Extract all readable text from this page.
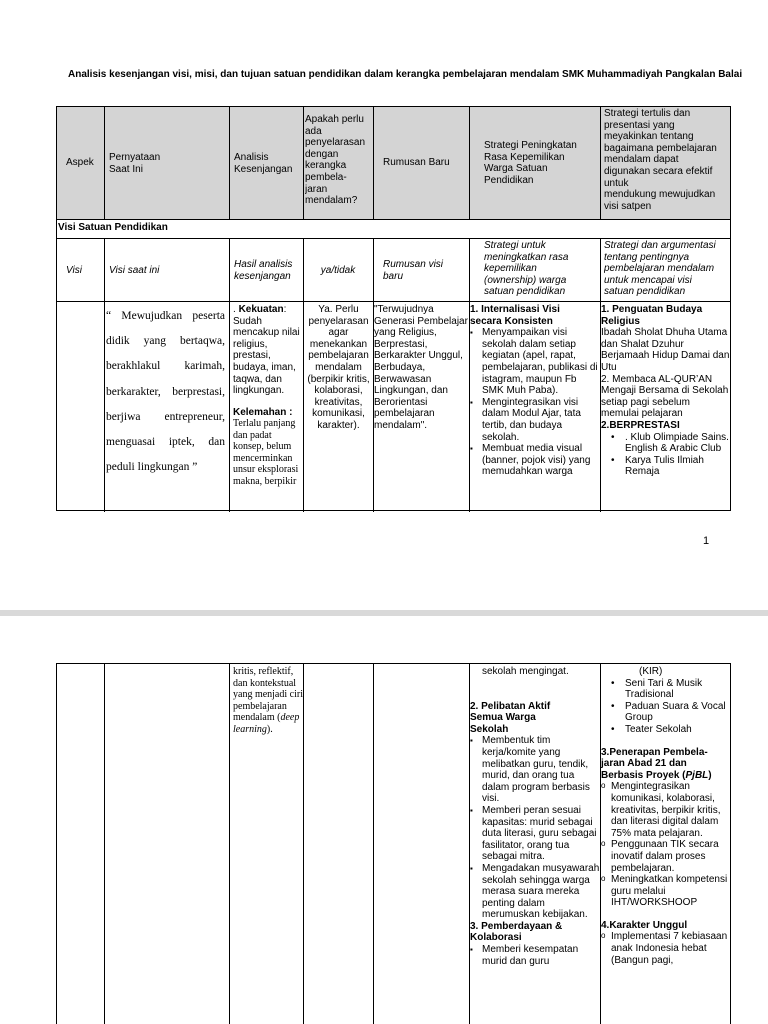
Analisis kesenjangan visi, misi, dan tujuan satuan pendidikan dalam kerangka pembelajaran mendalam SMK Muhammadiyah Pangkalan Balai
Aspek	Pernyataan
Saat Ini
Analisis
Kesenjangan
Apakah perlu
ada
penyelarasan
dengan
kerangka
pembela-
jaran
mendalam?
Rumusan Baru
Strategi Peningkatan
Rasa Kepemilikan
Warga Satuan
Pendidikan
Strategi tertulis dan
presentasi yang
meyakinkan tentang
bagaimana pembelajaran
mendalam dapat
digunakan secara efektif
untuk
mendukung mewujudkan
visi satpen
Visi Satuan Pendidikan
Visi	Visi saat ini
Hasil analisis
kesenjangan
ya/tidak
Rumusan visi
baru
Strategi untuk
meningkatkan rasa
kepemilikan
(ownership) warga
satuan pendidikan
Strategi dan argumentasi
tentang pentingnya
pembelajaran mendalam
untuk mencapai visi
satuan pendidikan

“ Mewujudkan peserta didik yang bertaqwa, berakhlakul karimah, berkarakter, berprestasi, berjiwa entrepreneur, menguasai iptek, dan peduli lingkungan ”

. Kekuatan: Sudah mencakup nilai religius, prestasi, budaya, iman, taqwa, dan lingkungan.
Kelemahan :
Terlalu panjang dan padat konsep, belum mencerminkan unsur eksplorasi makna, berpikir
Ya. Perlu penyelarasan agar menekankan pembelajaran mendalam (berpikir kritis, kolaborasi, kreativitas, komunikasi, karakter).
"Terwujudnya Generasi Pembelajar yang Religius, Berprestasi, Berkarakter Unggul, Berbudaya, Berwawasan Lingkungan, dan Berorientasi pembelajaran mendalam".
1. Internalisasi Visi
secara Konsisten
▪ Menyampaikan visi sekolah dalam setiap kegiatan (apel, rapat, pembelajaran, publikasi di istagram, maupun Fb SMK Muh Paba).
▪ Mengintegrasikan visi dalam Modul Ajar, tata tertib, dan budaya sekolah.
▪ Membuat media visual (banner, pojok visi) yang memudahkan warga
1. Penguatan Budaya
Religius
Ibadah Sholat Dhuha Utama dan Shalat Dzuhur Berjamaah Hidup Damai dan Utu
2. Membaca AL-QUR’AN Mengaji Bersama di Sekolah setiap pagi sebelum memulai pelajaran
2.BERPRESTASI
• . Klub Olimpiade Sains. English & Arabic Club
• Karya Tulis Ilmiah Remaja
1
kritis, reflektif, dan kontekstual yang menjadi ciri pembelajaran mendalam (deep learning).
sekolah mengingat.
2. Pelibatan Aktif
Semua Warga
Sekolah
▪ Membentuk tim kerja/komite yang melibatkan guru, tendik, murid, dan orang tua dalam program berbasis visi.
▪ Memberi peran sesuai kapasitas: murid sebagai duta literasi, guru sebagai fasilitator, orang tua sebagai mitra.
▪ Mengadakan musyawarah sekolah sehingga warga merasa suara mereka penting dalam merumuskan kebijakan.
3. Pemberdayaan &
Kolaborasi
▪ Memberi kesempatan murid dan guru
(KIR)
• Seni Tari & Musik Tradisional
• Paduan Suara & Vocal Group
• Teater Sekolah
3.Penerapan Pembela-jaran Abad 21 dan Berbasis Proyek (PjBL)
o Mengintegrasikan komunikasi, kolaborasi, kreativitas, berpikir kritis, dan literasi digital dalam 75% mata pelajaran.
o Penggunaan TIK secara inovatif dalam proses pembelajaran.
o Meningkatkan kompetensi guru melalui IHT/WORKSHOOP
4.Karakter Unggul
o Implementasi 7 kebiasaan anak Indonesia hebat (Bangun pagi,
